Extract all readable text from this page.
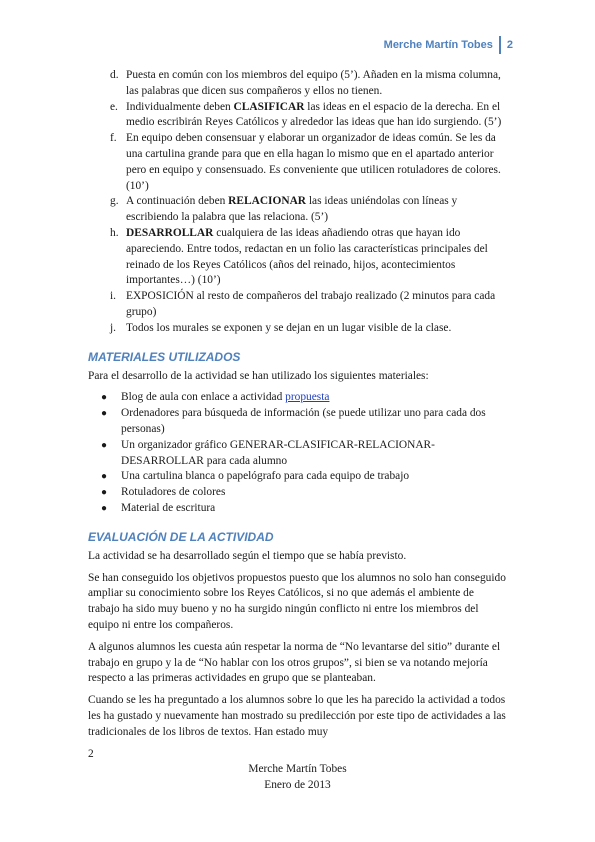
Merche Martín Tobes 2
d. Puesta en común con los miembros del equipo (5’). Añaden en la misma columna, las palabras que dicen sus compañeros y ellos no tienen.
e. Individualmente deben CLASIFICAR las ideas en el espacio de la derecha. En el medio escribirán Reyes Católicos y alrededor las ideas que han ido surgiendo. (5’)
f. En equipo deben consensuar y elaborar un organizador de ideas común. Se les da una cartulina grande para que en ella hagan lo mismo que en el apartado anterior pero en equipo y consensuado. Es conveniente que utilicen rotuladores de colores. (10’)
g. A continuación deben RELACIONAR las ideas uniéndolas con líneas y escribiendo la palabra que las relaciona. (5’)
h. DESARROLLAR cualquiera de las ideas añadiendo otras que hayan ido apareciendo. Entre todos, redactan en un folio las características principales del reinado de los Reyes Católicos (años del reinado, hijos, acontecimientos importantes…) (10’)
i. EXPOSICIÓN al resto de compañeros del trabajo realizado (2 minutos para cada grupo)
j. Todos los murales se exponen y se dejan en un lugar visible de la clase.
MATERIALES UTILIZADOS

Para el desarrollo de la actividad se han utilizado los siguientes materiales:

● Blog de aula con enlace a actividad propuesta
● Ordenadores para búsqueda de información (se puede utilizar uno para cada dos personas)
● Un organizador gráfico GENERAR-CLASIFICAR-RELACIONAR-DESARROLLAR para cada alumno
● Una cartulina blanca o papelógrafo para cada equipo de trabajo
● Rotuladores de colores
● Material de escritura
EVALUACIÓN DE LA ACTIVIDAD

La actividad se ha desarrollado según el tiempo que se había previsto.

Se han conseguido los objetivos propuestos puesto que los alumnos no solo han conseguido ampliar su conocimiento sobre los Reyes Católicos, si no que además el ambiente de trabajo ha sido muy bueno y no ha surgido ningún conflicto ni entre los miembros del equipo ni entre los compañeros.

A algunos alumnos les cuesta aún respetar la norma de “No levantarse del sitio” durante el trabajo en grupo y la de “No hablar con los otros grupos”, si bien se va notando mejoría respecto a las primeras actividades en grupo que se planteaban.

Cuando se les ha preguntado a los alumnos sobre lo que les ha parecido la actividad a todos les ha gustado y nuevamente han mostrado su predilección por este tipo de actividades a las tradicionales de los libros de textos. Han estado muy

2
Merche Martín Tobes
Enero de 2013
